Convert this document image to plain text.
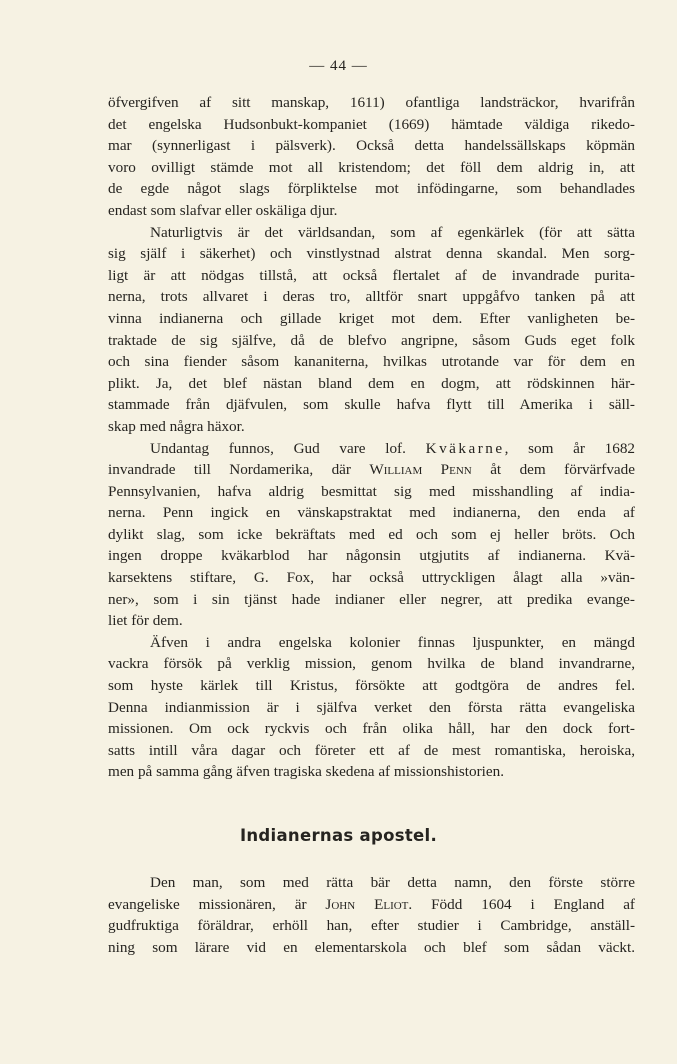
— 44 —
öfvergifven af sitt manskap, 1611) ofantliga landsträckor, hvarifrån
det engelska Hudsonbukt-kompaniet (1669) hämtade väldiga rikedo-
mar (synnerligast i pälsverk). Också detta handelssällskaps köpmän
voro ovilligt stämde mot all kristendom; det föll dem aldrig in, att
de egde något slags förpliktelse mot infödingarne, som behandlades
endast som slafvar eller oskäliga djur.
Naturligtvis är det världsandan, som af egenkärlek (för att sätta
sig själf i säkerhet) och vinstlystnad alstrat denna skandal. Men sorg-
ligt är att nödgas tillstå, att också flertalet af de invandrade purita-
nerna, trots allvaret i deras tro, alltför snart uppgåfvo tanken på att
vinna indianerna och gillade kriget mot dem. Efter vanligheten be-
traktade de sig själfve, då de blefvo angripne, såsom Guds eget folk
och sina fiender såsom kananiterna, hvilkas utrotande var för dem en
plikt. Ja, det blef nästan bland dem en dogm, att rödskinnen här-
stammade från djäfvulen, som skulle hafva flytt till Amerika i säll-
skap med några häxor.
Undantag funnos, Gud vare lof. Kväkarne, som år 1682
invandrade till Nordamerika, där William Penn åt dem förvärfvade
Pennsylvanien, hafva aldrig besmittat sig med misshandling af india-
nerna. Penn ingick en vänskapstraktat med indianerna, den enda af
dylikt slag, som icke bekräftats med ed och som ej heller bröts. Och
ingen droppe kväkarblod har någonsin utgjutits af indianerna. Kvä-
karsektens stiftare, G. Fox, har också uttryckligen ålagt alla »vän-
ner», som i sin tjänst hade indianer eller negrer, att predika evange-
liet för dem.
Äfven i andra engelska kolonier finnas ljuspunkter, en mängd
vackra försök på verklig mission, genom hvilka de bland invandrarne,
som hyste kärlek till Kristus, försökte att godtgöra de andres fel.
Denna indianmission är i själfva verket den första rätta evangeliska
missionen. Om ock ryckvis och från olika håll, har den dock fort-
satts intill våra dagar och företer ett af de mest romantiska, heroiska,
men på samma gång äfven tragiska skedena af missionshistorien.
Indianernas apostel.
Den man, som med rätta bär detta namn, den förste större
evangeliske missionären, är John Eliot. Född 1604 i England af
gudfruktiga föräldrar, erhöll han, efter studier i Cambridge, anställ-
ning som lärare vid en elementarskola och blef som sådan väckt.
